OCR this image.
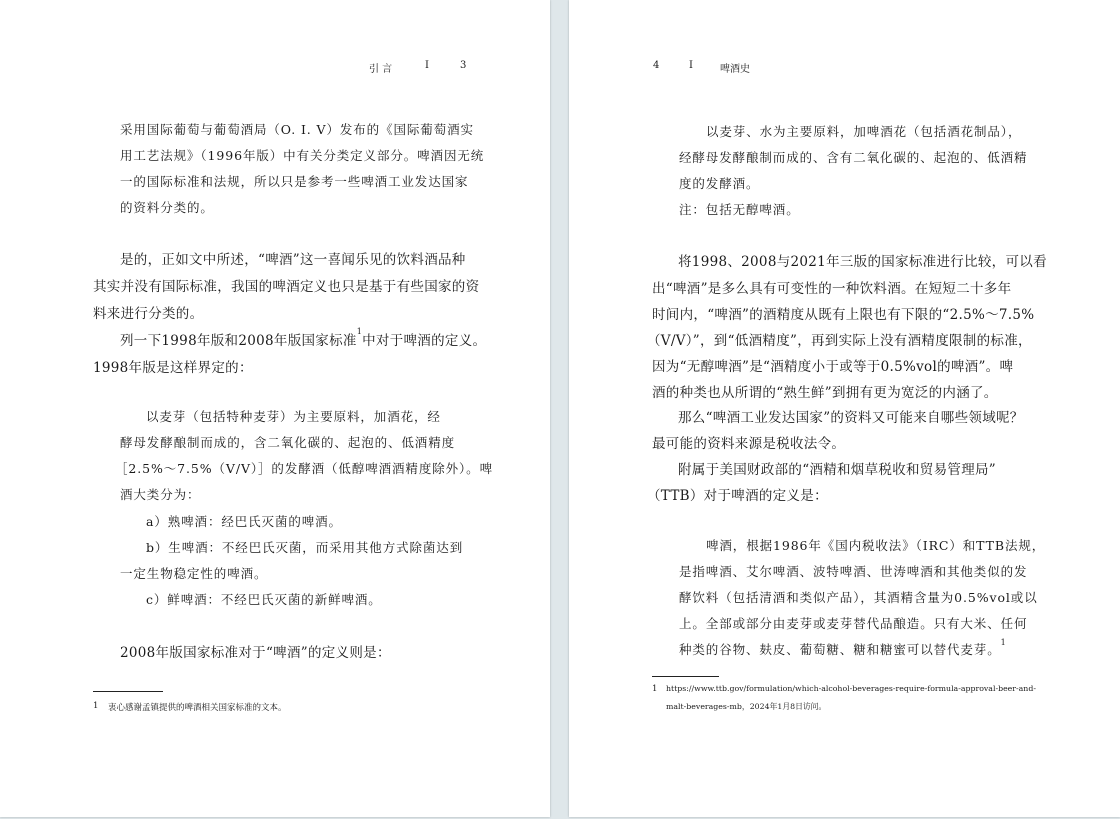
引 言	I	3
采用国际葡萄与葡萄酒局（O. I. V）发布的《国际葡萄酒实
用工艺法规》（1996年版）中有关分类定义部分。啤酒因无统
一的国际标准和法规，所以只是参考一些啤酒工业发达国家
的资料分类的。
是的，正如文中所述，“啤酒”这一喜闻乐见的饮料酒品种
其实并没有国际标准，我国的啤酒定义也只是基于有些国家的资
料来进行分类的。
列一下1998年版和2008年版国家标准$^1$中对于啤酒的定义。
1998年版是这样界定的：
以麦芽（包括特种麦芽）为主要原料，加酒花，经
酵母发酵酿制而成的，含二氧化碳的、起泡的、低酒精度
［2.5%～7.5%（V/V）］的发酵酒（低醇啤酒酒精度除外）。啤
酒大类分为：
a）熟啤酒：经巴氏灭菌的啤酒。
b）生啤酒：不经巴氏灭菌，而采用其他方式除菌达到
一定生物稳定性的啤酒。
c）鲜啤酒：不经巴氏灭菌的新鲜啤酒。
2008年版国家标准对于“啤酒”的定义则是：
1 衷心感谢孟镇提供的啤酒相关国家标准的文本。
4	I	啤酒史
以麦芽、水为主要原料，加啤酒花（包括酒花制品），
经酵母发酵酿制而成的、含有二氧化碳的、起泡的、低酒精
度的发酵酒。
注：包括无醇啤酒。
将1998、2008与2021年三版的国家标准进行比较，可以看
出“啤酒”是多么具有可变性的一种饮料酒。在短短二十多年
时间内，“啤酒”的酒精度从既有上限也有下限的“2.5%～7.5%
（V/V）”，到“低酒精度”，再到实际上没有酒精度限制的标准，
因为“无醇啤酒”是“酒精度小于或等于0.5%vol的啤酒”。啤
酒的种类也从所谓的“熟生鲜”到拥有更为宽泛的内涵了。
那么“啤酒工业发达国家”的资料又可能来自哪些领域呢？
最可能的资料来源是税收法令。
附属于美国财政部的“酒精和烟草税收和贸易管理局”
（TTB）对于啤酒的定义是：
啤酒，根据1986年《国内税收法》（IRC）和TTB法规，
是指啤酒、艾尔啤酒、波特啤酒、世涛啤酒和其他类似的发
酵饮料（包括清酒和类似产品），其酒精含量为0.5%vol或以
上。全部或部分由麦芽或麦芽替代品酿造。只有大米、任何
种类的谷物、麸皮、葡萄糖、糖和糖蜜可以替代麦芽。$^1$
1 https://www.ttb.gov/formulation/which-alcohol-beverages-require-formula-approval-beer-and-
malt-beverages-mb，2024年1月8日访问。
